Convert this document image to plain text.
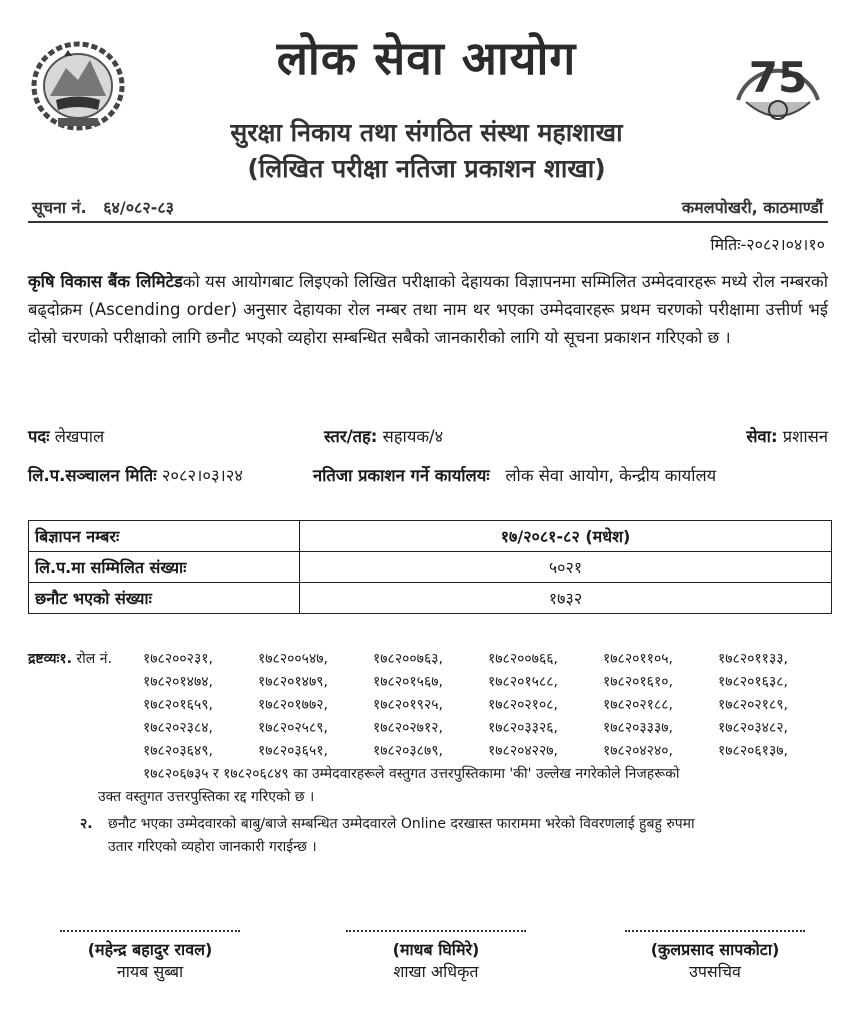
75
लोक सेवा आयोग
सुरक्षा निकाय तथा संगठित संस्था महाशाखा
(लिखित परीक्षा नतिजा प्रकाशन शाखा)
सूचना नं.   ६४/०८२-८३	कमलपोखरी, काठमाण्डौं
मितिः-२०८२।०४।१०
कृषि विकास बैंक लिमिटेडको यस आयोगबाट लिइएको लिखित परीक्षाको देहायका विज्ञापनमा सम्मिलित उम्मेदवारहरू मध्ये रोल नम्बरको बढ्दोक्रम (Ascending order) अनुसार देहायका रोल नम्बर तथा नाम थर भएका उम्मेदवारहरू प्रथम चरणको परीक्षामा उत्तीर्ण भई दोस्रो चरणको परीक्षाको लागि छनौट भएको व्यहोरा सम्बन्धित सबैको जानकारीको लागि यो सूचना प्रकाशन गरिएको छ ।
पदः लेखपाल	स्तर/तह: सहायक/४	सेवा: प्रशासन
लि.प.सञ्चालन मितिः २०८२।०३।२४	नतिजा प्रकाशन गर्ने कार्यालयः लोक सेवा आयोग, केन्द्रीय कार्यालय
बिज्ञापन नम्बरः	१७/२०८१-८२ (मधेश)
लि.प.मा सम्मिलित संख्याः	५०२१
छनौट भएको संख्याः	१७३२
द्रष्टव्यः१. रोल नं. १७८२००२३१,	१७८२००५४७,	१७८२००७६३,	१७८२००७६६,	१७८२०११०५,	१७८२०११३३,
१७८२०१४७४,	१७८२०१४७९,	१७८२०१५६७,	१७८२०१५८८,	१७८२०१६१०,	१७८२०१६३८,
१७८२०१६५९,	१७८२०१७७२,	१७८२०१९२५,	१७८२०२१०८,	१७८२०२१८८,	१७८२०२१८९,
१७८२०२३८४,	१७८२०२५८९,	१७८२०२७१२,	१७८२०३३२६,	१७८२०३३३७,	१७८२०३४८२,
१७८२०३६४९,	१७८२०३६५१,	१७८२०३८७९,	१७८२०४२२७,	१७८२०४२४०,	१७८२०६१३७,
१७८२०६७३५ र १७८२०६८४९ का उम्मेदवारहरूले वस्तुगत उत्तरपुस्तिकामा 'की' उल्लेख नगरेकोले निजहरूको
उक्त वस्तुगत उत्तरपुस्तिका रद्द गरिएको छ ।
२. छनौट भएका उम्मेदवारको बाबु/बाजे सम्बन्धित उम्मेदवारले Online दरखास्त फाराममा भरेको विवरणलाई हुबहु रुपमा
उतार गरिएको व्यहोरा जानकारी गराईन्छ ।
(महेन्द्र बहादुर रावल)
नायब सुब्बा
(माधब घिमिरे)
शाखा अधिकृत
(कुलप्रसाद सापकोटा)
उपसचिव
